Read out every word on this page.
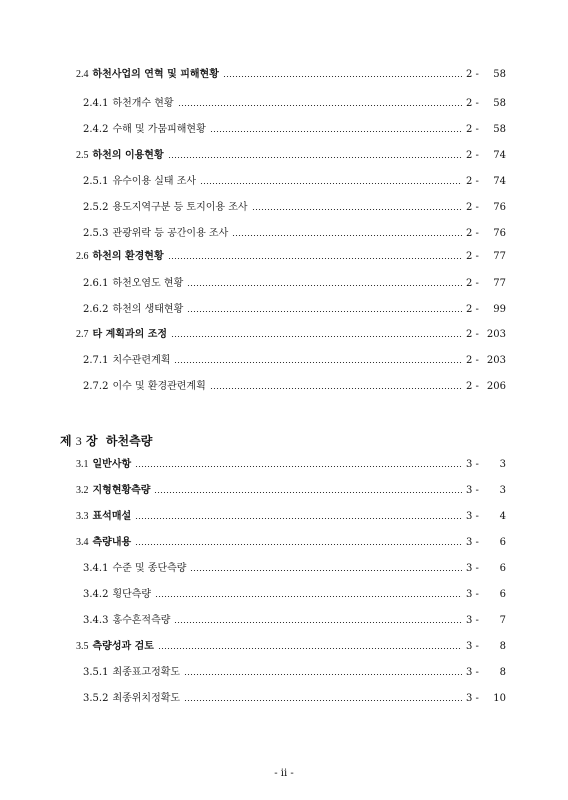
2.4 하천사업의 연혁 및 피해현황	2 -	58
2.4.1 하천개수 현황	2 -	58
2.4.2 수해 및 가뭄피해현황	2 -	58
2.5 하천의 이용현황	2 -	74
2.5.1 유수이용 실태 조사	2 -	74
2.5.2 용도지역구분 등 토지이용 조사	2 -	76
2.5.3 관광위락 등 공간이용 조사	2 -	76
2.6 하천의 환경현황	2 -	77
2.6.1 하천오염도 현황	2 -	77
2.6.2 하천의 생태현황	2 -	99
2.7 타 계획과의 조정	2 - 203
2.7.1 치수관련계획	2 - 203
2.7.2 이수 및 환경관련계획	2 - 206
3.1 일반사항	3 -	3
3.2 지형현황측량	3 -	3
3.3 표석매설	3 -	4
3.4 측량내용	3 -	6
3.4.1 수준 및 종단측량	3 -	6
3.4.2 횡단측량	3 -	6
3.4.3 홍수흔적측량	3 -	7
3.5 측량성과 검토	3 -	8
3.5.1 최종표고정확도	3 -	8
3.5.2 최종위치정확도	3 -	10
제 3 장 하천측량
- ii -
